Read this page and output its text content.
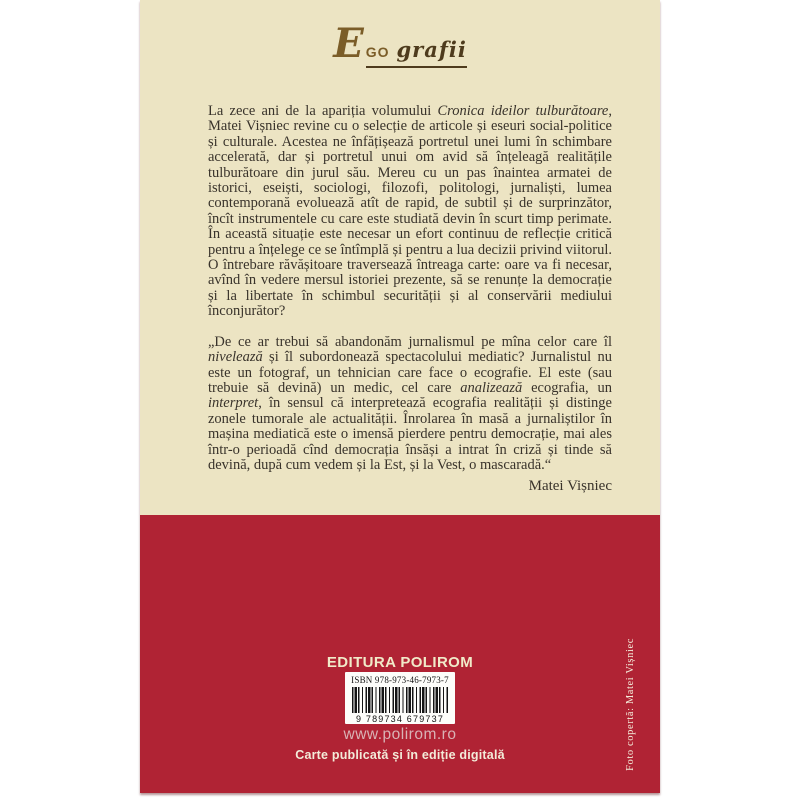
E GO grafii

La zece ani de la apariția volumului Cronica ideilor tulburătoare, Matei Vișniec revine cu o selecție de articole și eseuri social-politice și culturale. Acestea ne înfățișează portretul unei lumi în schimbare accelerată, dar și portretul unui om avid să înțeleagă realitățile tulburătoare din jurul său. Mereu cu un pas înaintea armatei de istorici, eseiști, sociologi, filozofi, politologi, jurnaliști, lumea contemporană evoluează atît de rapid, de subtil și de surprinzător, încît instrumentele cu care este studiată devin în scurt timp perimate. În această situație este necesar un efort continuu de reflecție critică pentru a înțelege ce se întîmplă și pentru a lua decizii privind viitorul. O întrebare răvășitoare traversează întreaga carte: oare va fi necesar, avînd în vedere mersul istoriei prezente, să se renunțe la democrație și la libertate în schimbul securității și al conservării mediului înconjurător?

„De ce ar trebui să abandonăm jurnalismul pe mîna celor care îl nivelează și îl subordonează spectacolului mediatic? Jurnalistul nu este un fotograf, un tehnician care face o ecografie. El este (sau trebuie să devină) un medic, cel care analizează ecografia, un interpret, în sensul că interpretează ecografia realității și distinge zonele tumorale ale actualității. Înrolarea în masă a jurnaliștilor în mașina mediatică este o imensă pierdere pentru democrație, mai ales într-o perioadă cînd democrația însăși a intrat în criză și tinde să devină, după cum vedem și la Est, și la Vest, o mascaradă.“

Matei Vișniec
EDITURA POLIROM
ISBN 978-973-46-7973-7
9 789734 679737
www.polirom.ro
Carte publicată și în ediție digitală	Foto copertă: Matei Vișniec
